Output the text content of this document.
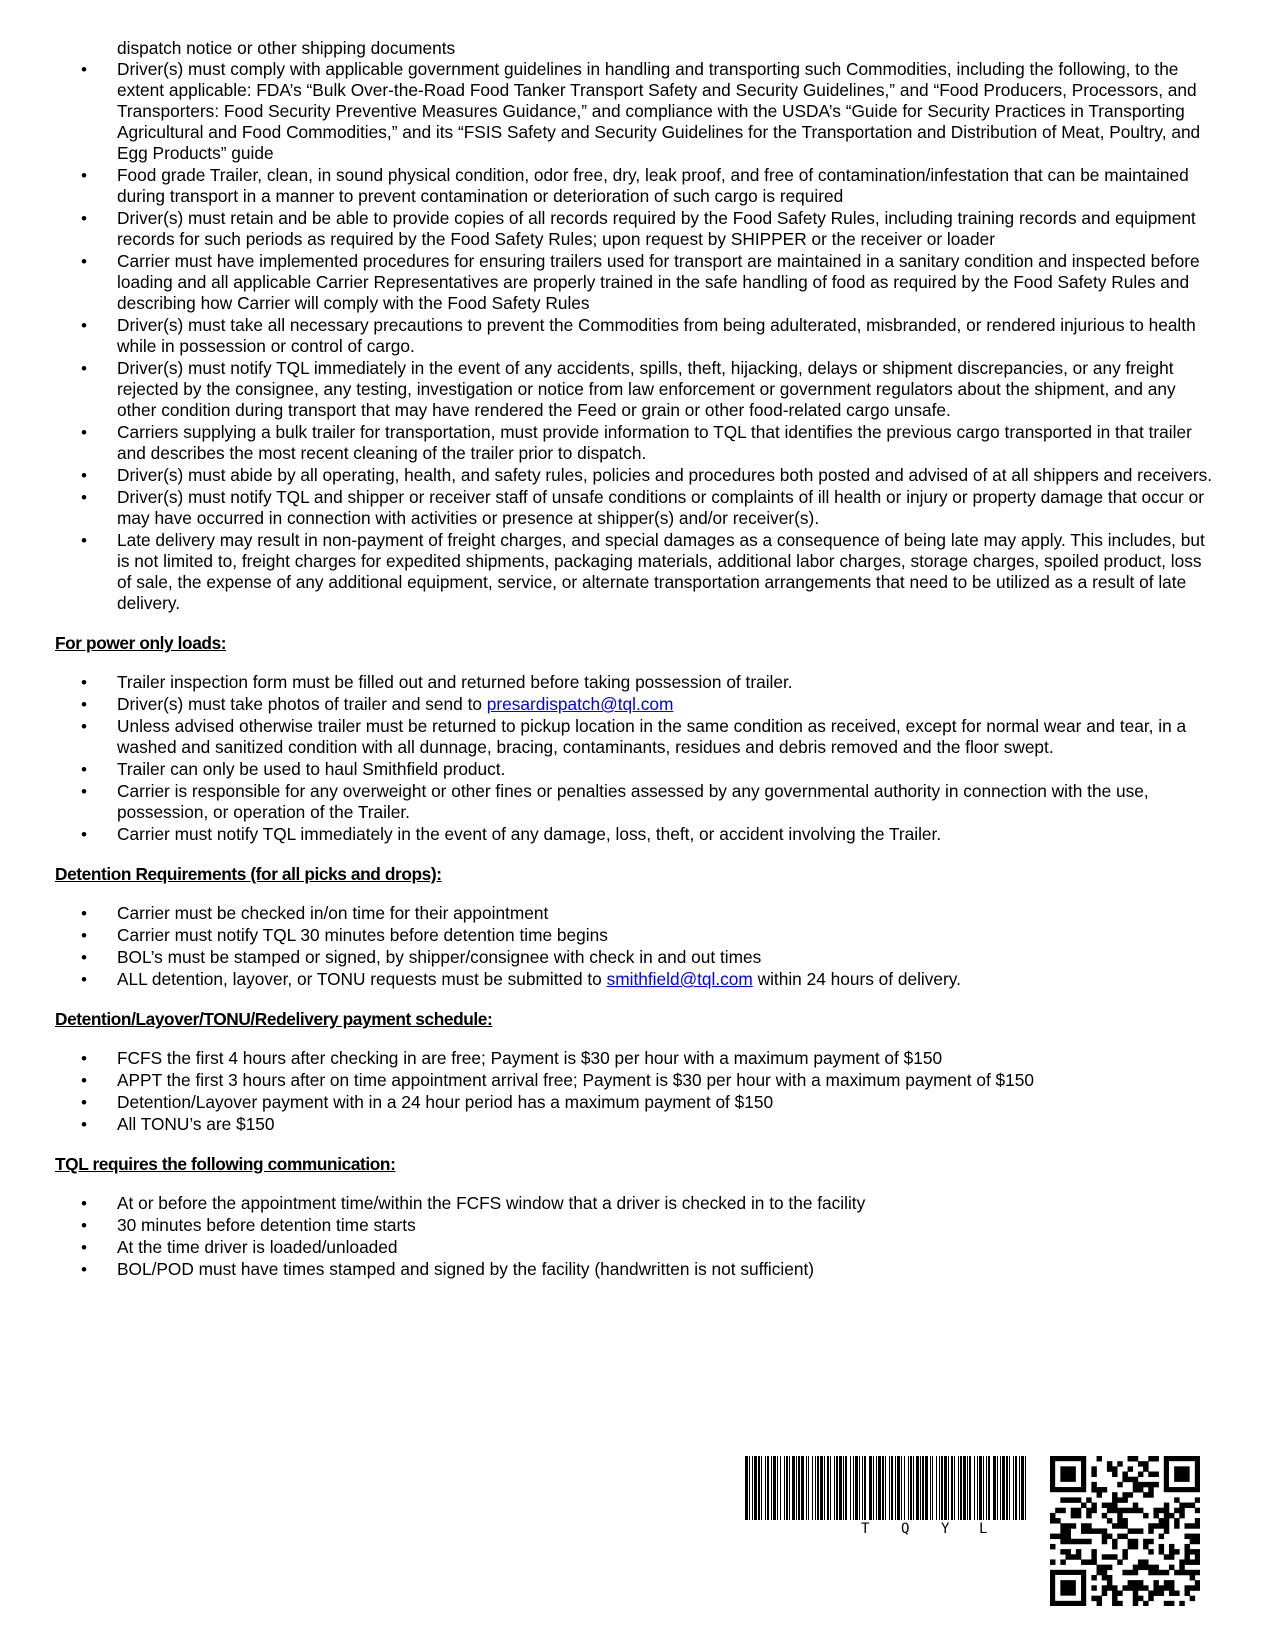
dispatch notice or other shipping documents
• Driver(s) must comply with applicable government guidelines in handling and transporting such Commodities, including the following, to the extent applicable: FDA’s “Bulk Over-the-Road Food Tanker Transport Safety and Security Guidelines,” and “Food Producers, Processors, and Transporters: Food Security Preventive Measures Guidance,” and compliance with the USDA’s “Guide for Security Practices in Transporting Agricultural and Food Commodities,” and its “FSIS Safety and Security Guidelines for the Transportation and Distribution of Meat, Poultry, and Egg Products” guide
• Food grade Trailer, clean, in sound physical condition, odor free, dry, leak proof, and free of contamination/infestation that can be maintained during transport in a manner to prevent contamination or deterioration of such cargo is required
• Driver(s) must retain and be able to provide copies of all records required by the Food Safety Rules, including training records and equipment records for such periods as required by the Food Safety Rules; upon request by SHIPPER or the receiver or loader
• Carrier must have implemented procedures for ensuring trailers used for transport are maintained in a sanitary condition and inspected before loading and all applicable Carrier Representatives are properly trained in the safe handling of food as required by the Food Safety Rules and describing how Carrier will comply with the Food Safety Rules
• Driver(s) must take all necessary precautions to prevent the Commodities from being adulterated, misbranded, or rendered injurious to health while in possession or control of cargo.
• Driver(s) must notify TQL immediately in the event of any accidents, spills, theft, hijacking, delays or shipment discrepancies, or any freight rejected by the consignee, any testing, investigation or notice from law enforcement or government regulators about the shipment, and any other condition during transport that may have rendered the Feed or grain or other food-related cargo unsafe.
• Carriers supplying a bulk trailer for transportation, must provide information to TQL that identifies the previous cargo transported in that trailer and describes the most recent cleaning of the trailer prior to dispatch.
• Driver(s) must abide by all operating, health, and safety rules, policies and procedures both posted and advised of at all shippers and receivers.
• Driver(s) must notify TQL and shipper or receiver staff of unsafe conditions or complaints of ill health or injury or property damage that occur or may have occurred in connection with activities or presence at shipper(s) and/or receiver(s).
• Late delivery may result in non-payment of freight charges, and special damages as a consequence of being late may apply. This includes, but is not limited to, freight charges for expedited shipments, packaging materials, additional labor charges, storage charges, spoiled product, loss of sale, the expense of any additional equipment, service, or alternate transportation arrangements that need to be utilized as a result of late delivery.
For power only loads:
• Trailer inspection form must be filled out and returned before taking possession of trailer.
• Driver(s) must take photos of trailer and send to presardispatch@tql.com
• Unless advised otherwise trailer must be returned to pickup location in the same condition as received, except for normal wear and tear, in a washed and sanitized condition with all dunnage, bracing, contaminants, residues and debris removed and the floor swept.
• Trailer can only be used to haul Smithfield product.
• Carrier is responsible for any overweight or other fines or penalties assessed by any governmental authority in connection with the use, possession, or operation of the Trailer.
• Carrier must notify TQL immediately in the event of any damage, loss, theft, or accident involving the Trailer.
Detention Requirements (for all picks and drops):
• Carrier must be checked in/on time for their appointment
• Carrier must notify TQL 30 minutes before detention time begins
• BOL’s must be stamped or signed, by shipper/consignee with check in and out times
• ALL detention, layover, or TONU requests must be submitted to smithfield@tql.com within 24 hours of delivery.
Detention/Layover/TONU/Redelivery payment schedule:
• FCFS the first 4 hours after checking in are free; Payment is $30 per hour with a maximum payment of $150
• APPT the first 3 hours after on time appointment arrival free; Payment is $30 per hour with a maximum payment of $150
• Detention/Layover payment with in a 24 hour period has a maximum payment of $150
• All TONU’s are $150
TQL requires the following communication:
• At or before the appointment time/within the FCFS window that a driver is checked in to the facility
• 30 minutes before detention time starts
• At the time driver is loaded/unloaded
• BOL/POD must have times stamped and signed by the facility (handwritten is not sufficient)
T Q Y L
